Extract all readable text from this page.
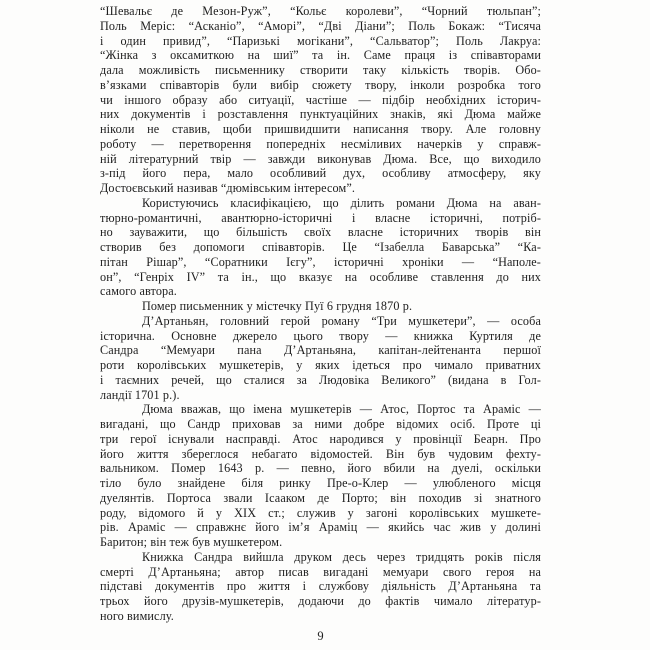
“Шевальє де Мезон-Руж”, “Кольє королеви”, “Чорний тюльпан”;
Поль Меріс: “Асканіо”, “Аморі”, “Дві Діани”; Поль Бокаж: “Тисяча
і один привид”, “Паризькі могікани”, “Сальватор”; Поль Лакруа:
“Жінка з оксамиткою на шиї” та ін. Саме праця із співавторами
дала можливість письменнику створити таку кількість творів. Обо-
в’язками співавторів були вибір сюжету твору, інколи розробка того
чи іншого образу або ситуації, частіше — підбір необхідних історич-
них документів і розставлення пунктуаційних знаків, які Дюма майже
ніколи не ставив, щоби пришвидшити написання твору. Але головну
роботу — перетворення попередніх несміливих начерків у справж-
ній літературний твір — завжди виконував Дюма. Все, що виходило
з-під його пера, мало особливий дух, особливу атмосферу, яку
Достоєвський називав “дюмівським інтересом”.
Користуючись класифікацією, що ділить романи Дюма на аван-
тюрно-романтичні, авантюрно-історичні і власне історичні, потріб-
но зауважити, що більшість своїх власне історичних творів він
створив без допомоги співавторів. Це “Ізабелла Баварська” “Ка-
пітан Рішар”, “Соратники Ієгу”, історичні хроніки — “Наполе-
он”, “Генріх IV” та ін., що вказує на особливе ставлення до них
самого автора.
Помер письменник у містечку Пуї 6 грудня 1870 р.
Д’Артаньян, головний герой роману “Три мушкетери”, — особа
історична. Основне джерело цього твору — книжка Куртиля де
Сандра “Мемуари пана Д’Артаньяна, капітан-лейтенанта першої
роти королівських мушкетерів, у яких ідеться про чимало приватних
і таємних речей, що сталися за Людовіка Великого” (видана в Гол-
ландії 1701 р.).
Дюма вважав, що імена мушкетерів — Атос, Портос та Араміс —
вигадані, що Сандр приховав за ними добре відомих осіб. Проте ці
три герої існували насправді. Атос народився у провінції Беарн. Про
його життя збереглося небагато відомостей. Він був чудовим фехту-
вальником. Помер 1643 р. — певно, його вбили на дуелі, оскільки
тіло було знайдене біля ринку Пре-о-Клер — улюбленого місця
дуелянтів. Портоса звали Ісааком де Порто; він походив зі знатного
роду, відомого й у XIX ст.; служив у загоні королівських мушкете-
рів. Араміс — справжнє його ім’я Араміц — якийсь час жив у долині
Баритон; він теж був мушкетером.
Книжка Сандра вийшла друком десь через тридцять років після
смерті Д’Артаньяна; автор писав вигадані мемуари свого героя на
підставі документів про життя і службову діяльність Д’Артаньяна та
трьох його друзів-мушкетерів, додаючи до фактів чимало літератур-
ного вимислу.
9
